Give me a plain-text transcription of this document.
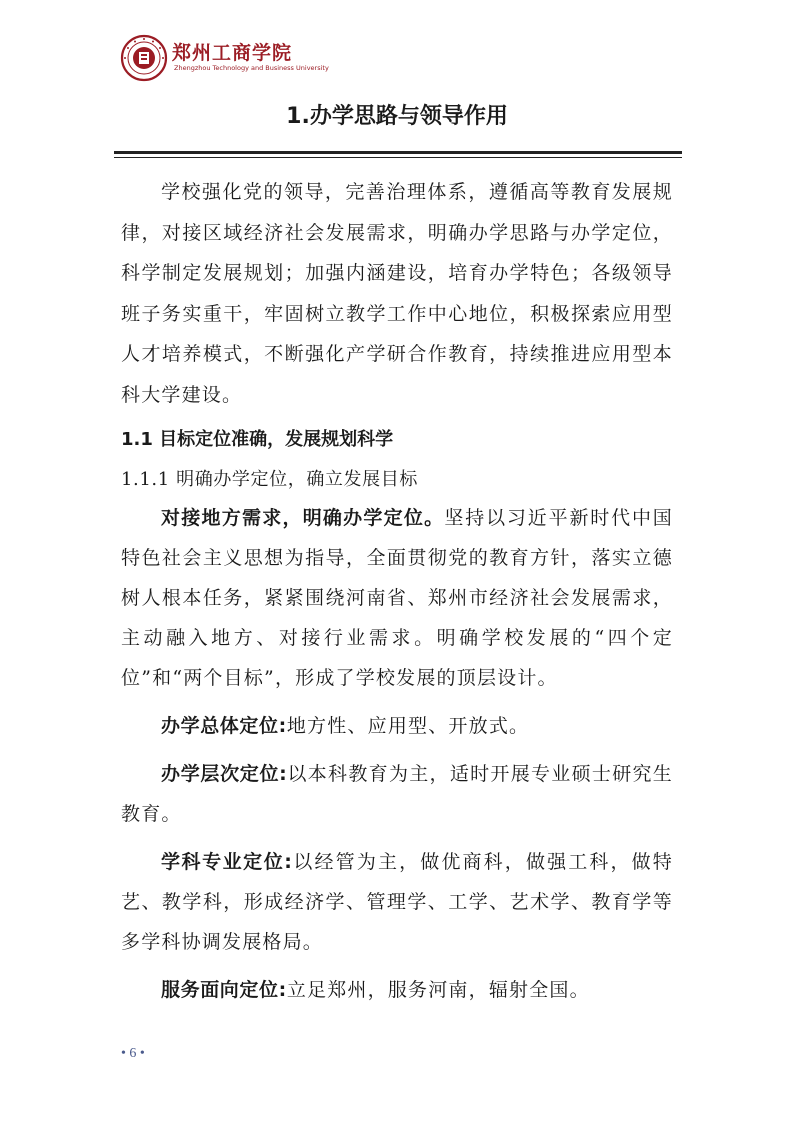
郑州工商学院
Zhengzhou Technology and Business University
1.办学思路与领导作用

学校强化党的领导，完善治理体系，遵循高等教育发展规律，对接区域经济社会发展需求，明确办学思路与办学定位，科学制定发展规划；加强内涵建设，培育办学特色；各级领导班子务实重干，牢固树立教学工作中心地位，积极探索应用型人才培养模式，不断强化产学研合作教育，持续推进应用型本科大学建设。

1.1 目标定位准确，发展规划科学
1.1.1 明确办学定位，确立发展目标

对接地方需求，明确办学定位。坚持以习近平新时代中国特色社会主义思想为指导，全面贯彻党的教育方针，落实立德树人根本任务，紧紧围绕河南省、郑州市经济社会发展需求，主动融入地方、对接行业需求。明确学校发展的“四个定位”和“两个目标”，形成了学校发展的顶层设计。

办学总体定位:地方性、应用型、开放式。

办学层次定位:以本科教育为主，适时开展专业硕士研究生教育。

学科专业定位:以经管为主，做优商科，做强工科，做特艺、教学科，形成经济学、管理学、工学、艺术学、教育学等多学科协调发展格局。

服务面向定位:立足郑州，服务河南，辐射全国。

• 6 •
